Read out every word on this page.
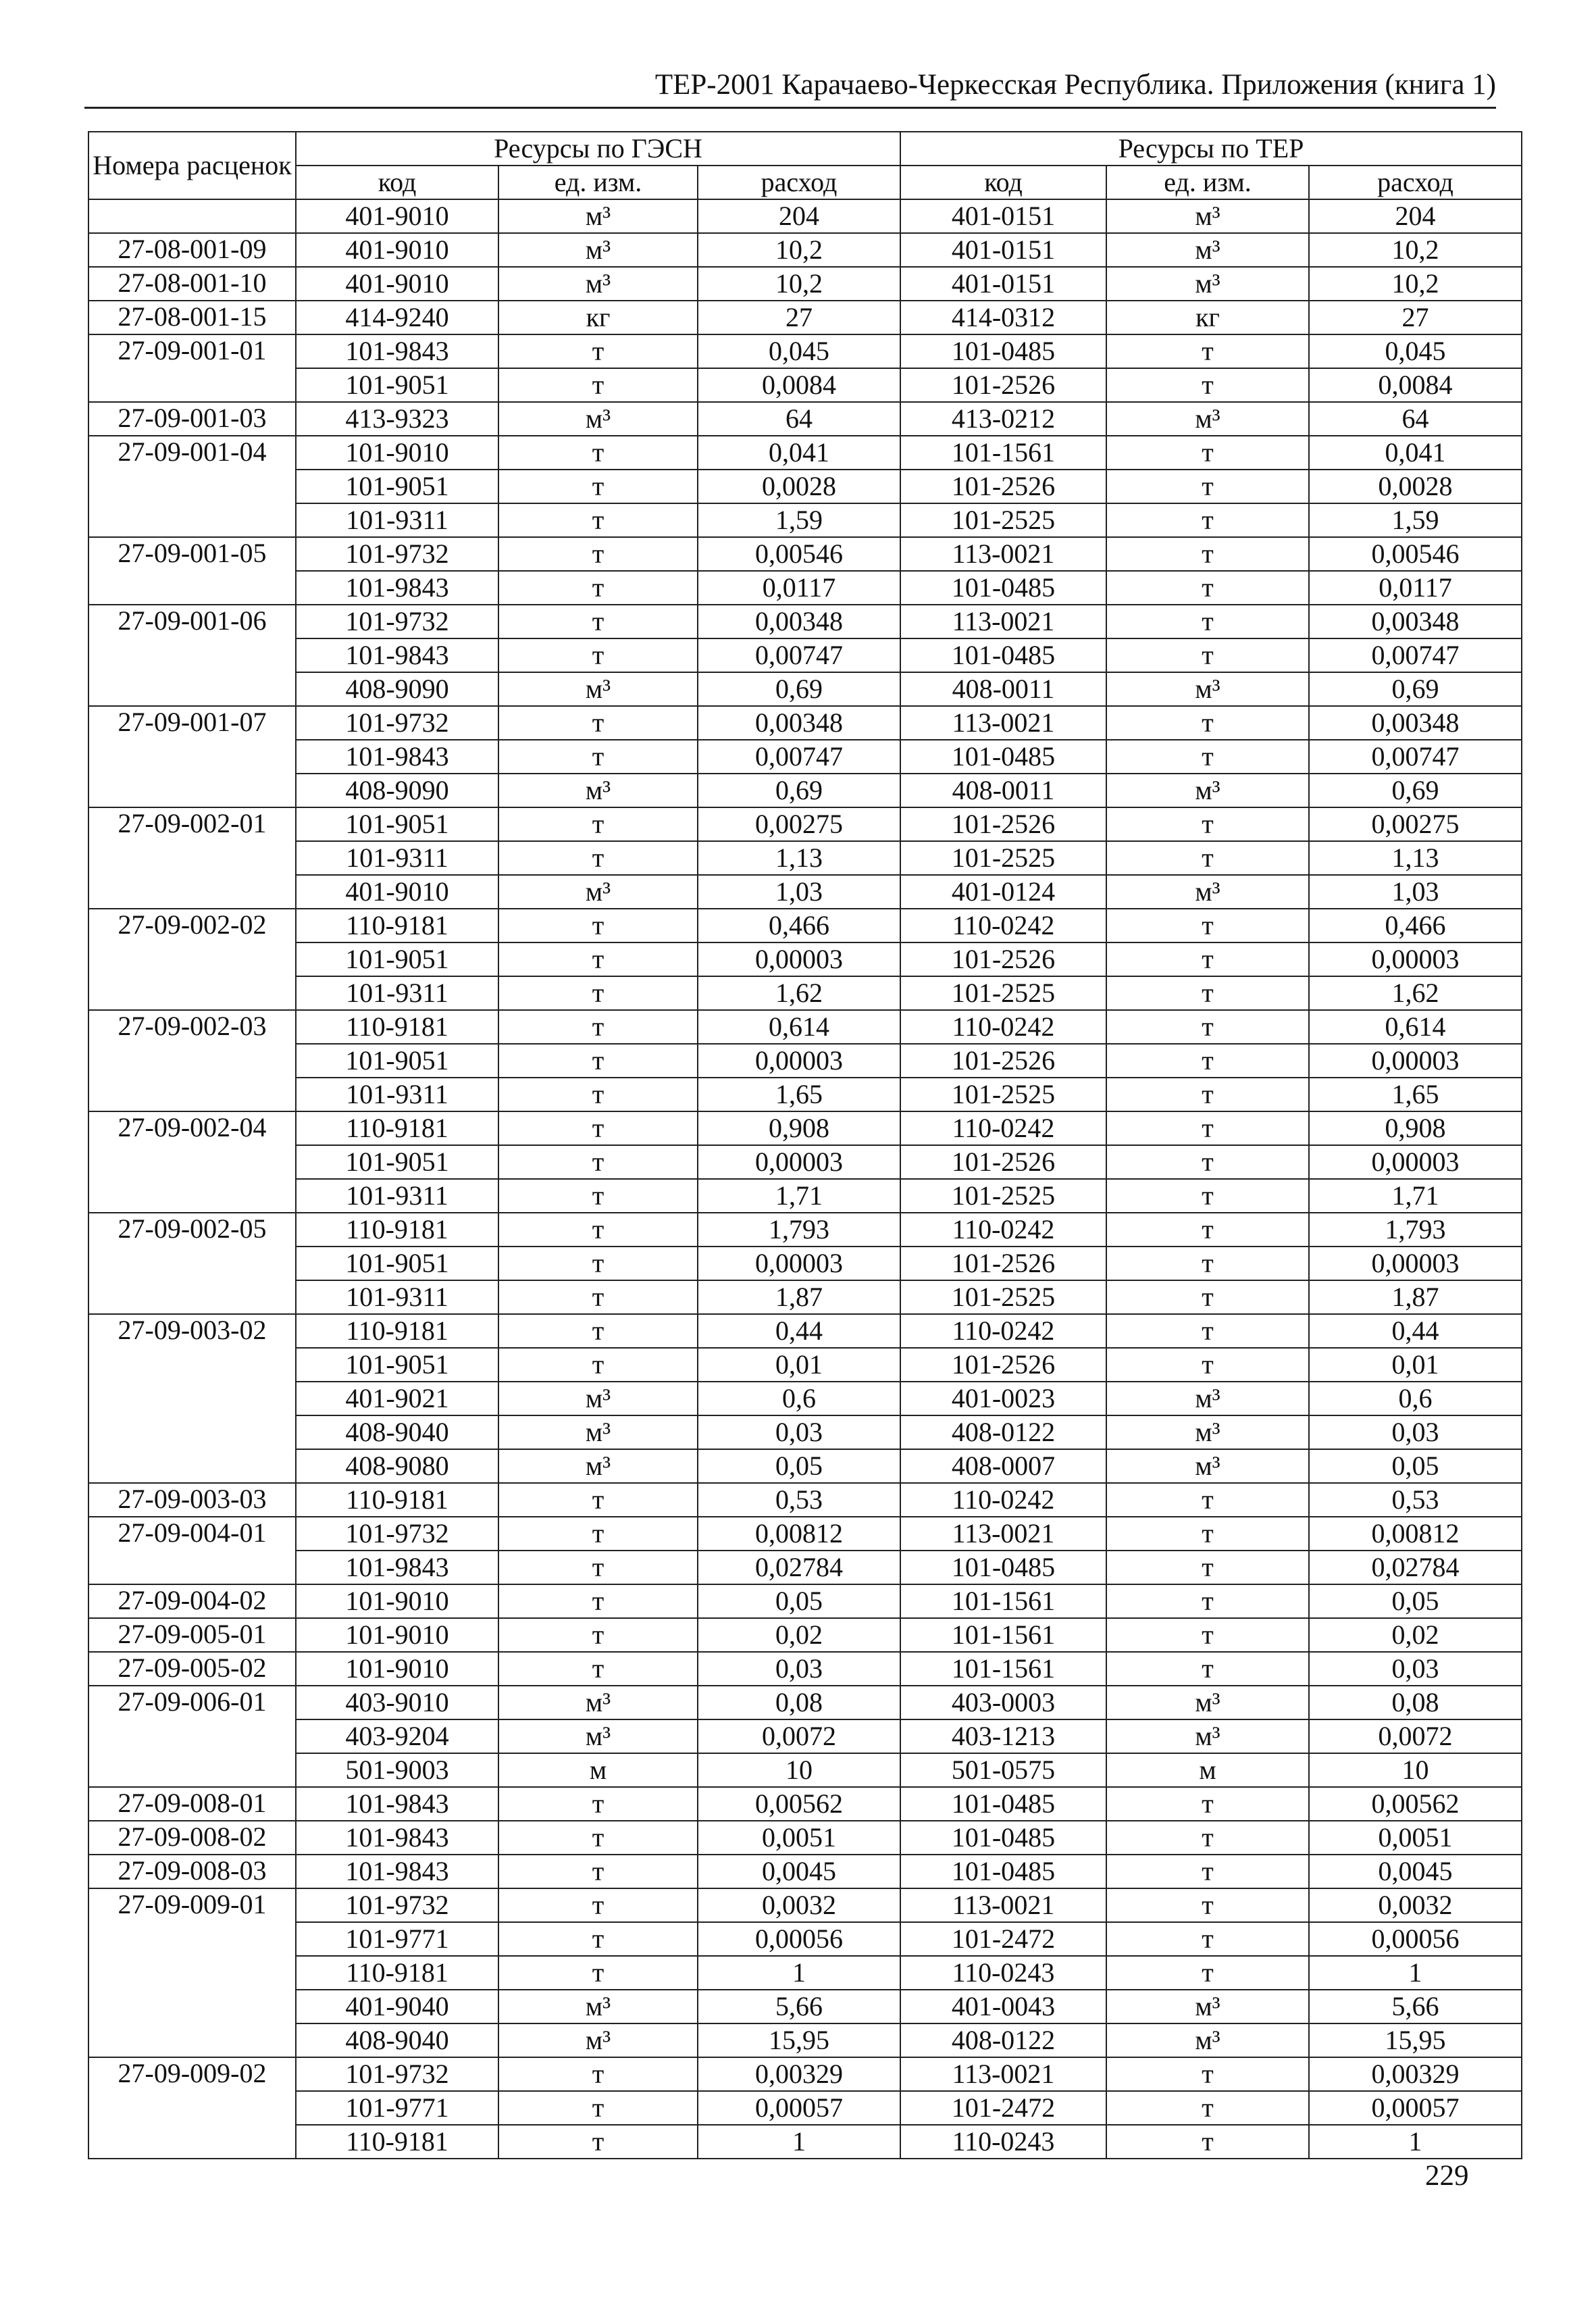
ТЕР-2001 Карачаево-Черкесская Республика. Приложения (книга 1)
Номера расценок	Ресурсы по ГЭСН			Ресурсы по ТЕР		
	код	ед. изм.	расход	код	ед. изм.	расход
	401-9010	м³	204	401-0151	м³	204
27-08-001-09	401-9010	м³	10,2	401-0151	м³	10,2
27-08-001-10	401-9010	м³	10,2	401-0151	м³	10,2
27-08-001-15	414-9240	кг	27	414-0312	кг	27
27-09-001-01	101-9843	т	0,045	101-0485	т	0,045
	101-9051	т	0,0084	101-2526	т	0,0084
27-09-001-03	413-9323	м³	64	413-0212	м³	64
27-09-001-04	101-9010	т	0,041	101-1561	т	0,041
	101-9051	т	0,0028	101-2526	т	0,0028
	101-9311	т	1,59	101-2525	т	1,59
27-09-001-05	101-9732	т	0,00546	113-0021	т	0,00546
	101-9843	т	0,0117	101-0485	т	0,0117
27-09-001-06	101-9732	т	0,00348	113-0021	т	0,00348
	101-9843	т	0,00747	101-0485	т	0,00747
	408-9090	м³	0,69	408-0011	м³	0,69
27-09-001-07	101-9732	т	0,00348	113-0021	т	0,00348
	101-9843	т	0,00747	101-0485	т	0,00747
	408-9090	м³	0,69	408-0011	м³	0,69
27-09-002-01	101-9051	т	0,00275	101-2526	т	0,00275
	101-9311	т	1,13	101-2525	т	1,13
	401-9010	м³	1,03	401-0124	м³	1,03
27-09-002-02	110-9181	т	0,466	110-0242	т	0,466
	101-9051	т	0,00003	101-2526	т	0,00003
	101-9311	т	1,62	101-2525	т	1,62
27-09-002-03	110-9181	т	0,614	110-0242	т	0,614
	101-9051	т	0,00003	101-2526	т	0,00003
	101-9311	т	1,65	101-2525	т	1,65
27-09-002-04	110-9181	т	0,908	110-0242	т	0,908
	101-9051	т	0,00003	101-2526	т	0,00003
	101-9311	т	1,71	101-2525	т	1,71
27-09-002-05	110-9181	т	1,793	110-0242	т	1,793
	101-9051	т	0,00003	101-2526	т	0,00003
	101-9311	т	1,87	101-2525	т	1,87
27-09-003-02	110-9181	т	0,44	110-0242	т	0,44
	101-9051	т	0,01	101-2526	т	0,01
	401-9021	м³	0,6	401-0023	м³	0,6
	408-9040	м³	0,03	408-0122	м³	0,03
	408-9080	м³	0,05	408-0007	м³	0,05
27-09-003-03	110-9181	т	0,53	110-0242	т	0,53
27-09-004-01	101-9732	т	0,00812	113-0021	т	0,00812
	101-9843	т	0,02784	101-0485	т	0,02784
27-09-004-02	101-9010	т	0,05	101-1561	т	0,05
27-09-005-01	101-9010	т	0,02	101-1561	т	0,02
27-09-005-02	101-9010	т	0,03	101-1561	т	0,03
27-09-006-01	403-9010	м³	0,08	403-0003	м³	0,08
	403-9204	м³	0,0072	403-1213	м³	0,0072
	501-9003	м	10	501-0575	м	10
27-09-008-01	101-9843	т	0,00562	101-0485	т	0,00562
27-09-008-02	101-9843	т	0,0051	101-0485	т	0,0051
27-09-008-03	101-9843	т	0,0045	101-0485	т	0,0045
27-09-009-01	101-9732	т	0,0032	113-0021	т	0,0032
	101-9771	т	0,00056	101-2472	т	0,00056
	110-9181	т	1	110-0243	т	1
	401-9040	м³	5,66	401-0043	м³	5,66
	408-9040	м³	15,95	408-0122	м³	15,95
27-09-009-02	101-9732	т	0,00329	113-0021	т	0,00329
	101-9771	т	0,00057	101-2472	т	0,00057
	110-9181	т	1	110-0243	т	1
229
